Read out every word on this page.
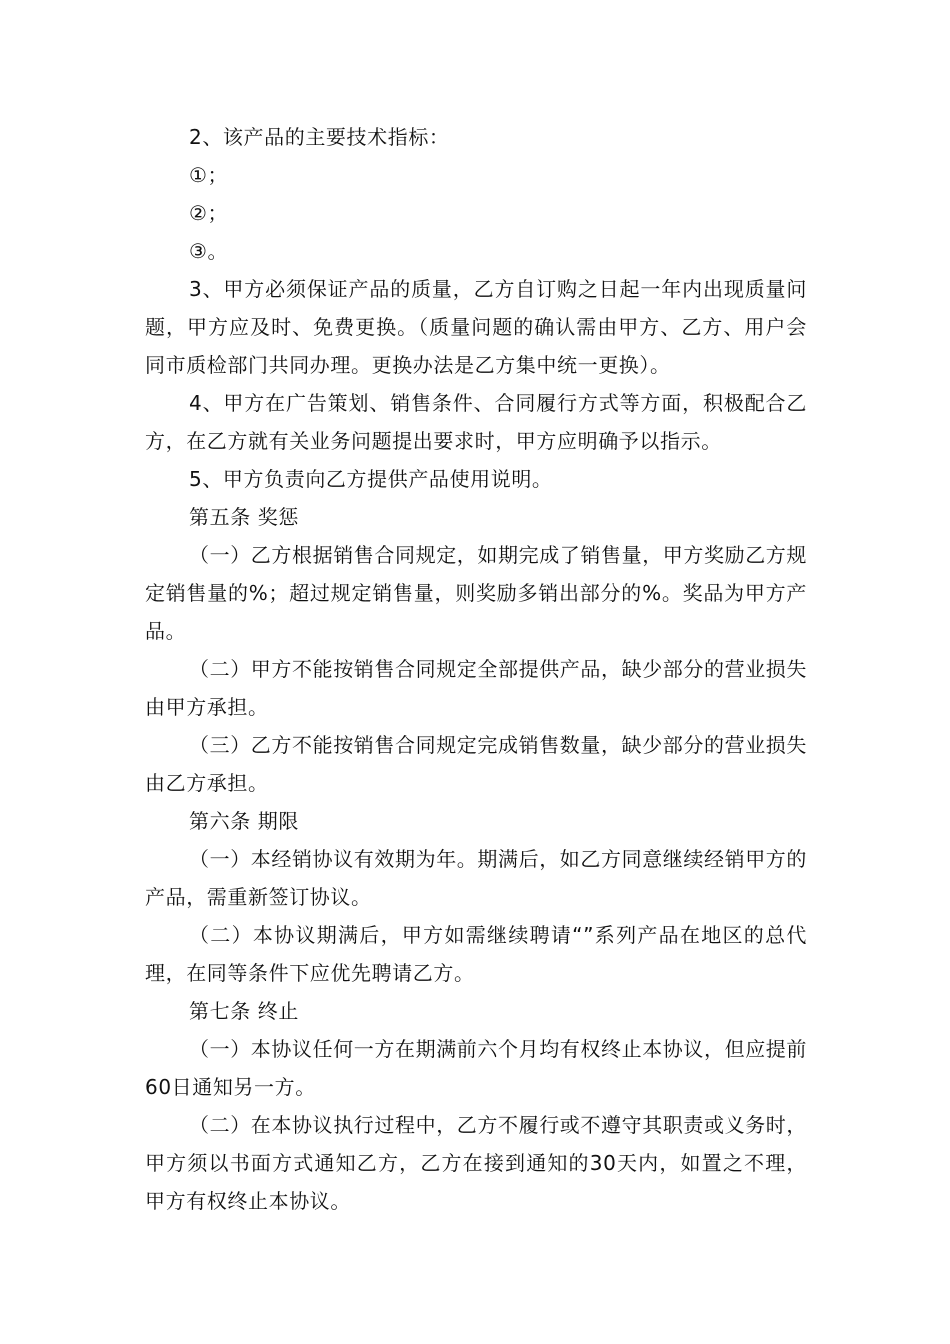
2、该产品的主要技术指标：

①；

②；

③。

3、甲方必须保证产品的质量，乙方自订购之日起一年内出现质量问题，甲方应及时、免费更换。（质量问题的确认需由甲方、乙方、用户会同市质检部门共同办理。更换办法是乙方集中统一更换）。

4、甲方在广告策划、销售条件、合同履行方式等方面，积极配合乙方，在乙方就有关业务问题提出要求时，甲方应明确予以指示。

5、甲方负责向乙方提供产品使用说明。

第五条 奖惩

（一）乙方根据销售合同规定，如期完成了销售量，甲方奖励乙方规定销售量的%；超过规定销售量，则奖励多销出部分的%。奖品为甲方产品。

（二）甲方不能按销售合同规定全部提供产品，缺少部分的营业损失由甲方承担。

（三）乙方不能按销售合同规定完成销售数量，缺少部分的营业损失由乙方承担。

第六条 期限

（一）本经销协议有效期为年。期满后，如乙方同意继续经销甲方的产品，需重新签订协议。

（二）本协议期满后，甲方如需继续聘请“”系列产品在地区的总代理，在同等条件下应优先聘请乙方。

第七条 终止

（一）本协议任何一方在期满前六个月均有权终止本协议，但应提前60日通知另一方。

（二）在本协议执行过程中，乙方不履行或不遵守其职责或义务时，甲方须以书面方式通知乙方，乙方在接到通知的30天内，如置之不理，甲方有权终止本协议。
